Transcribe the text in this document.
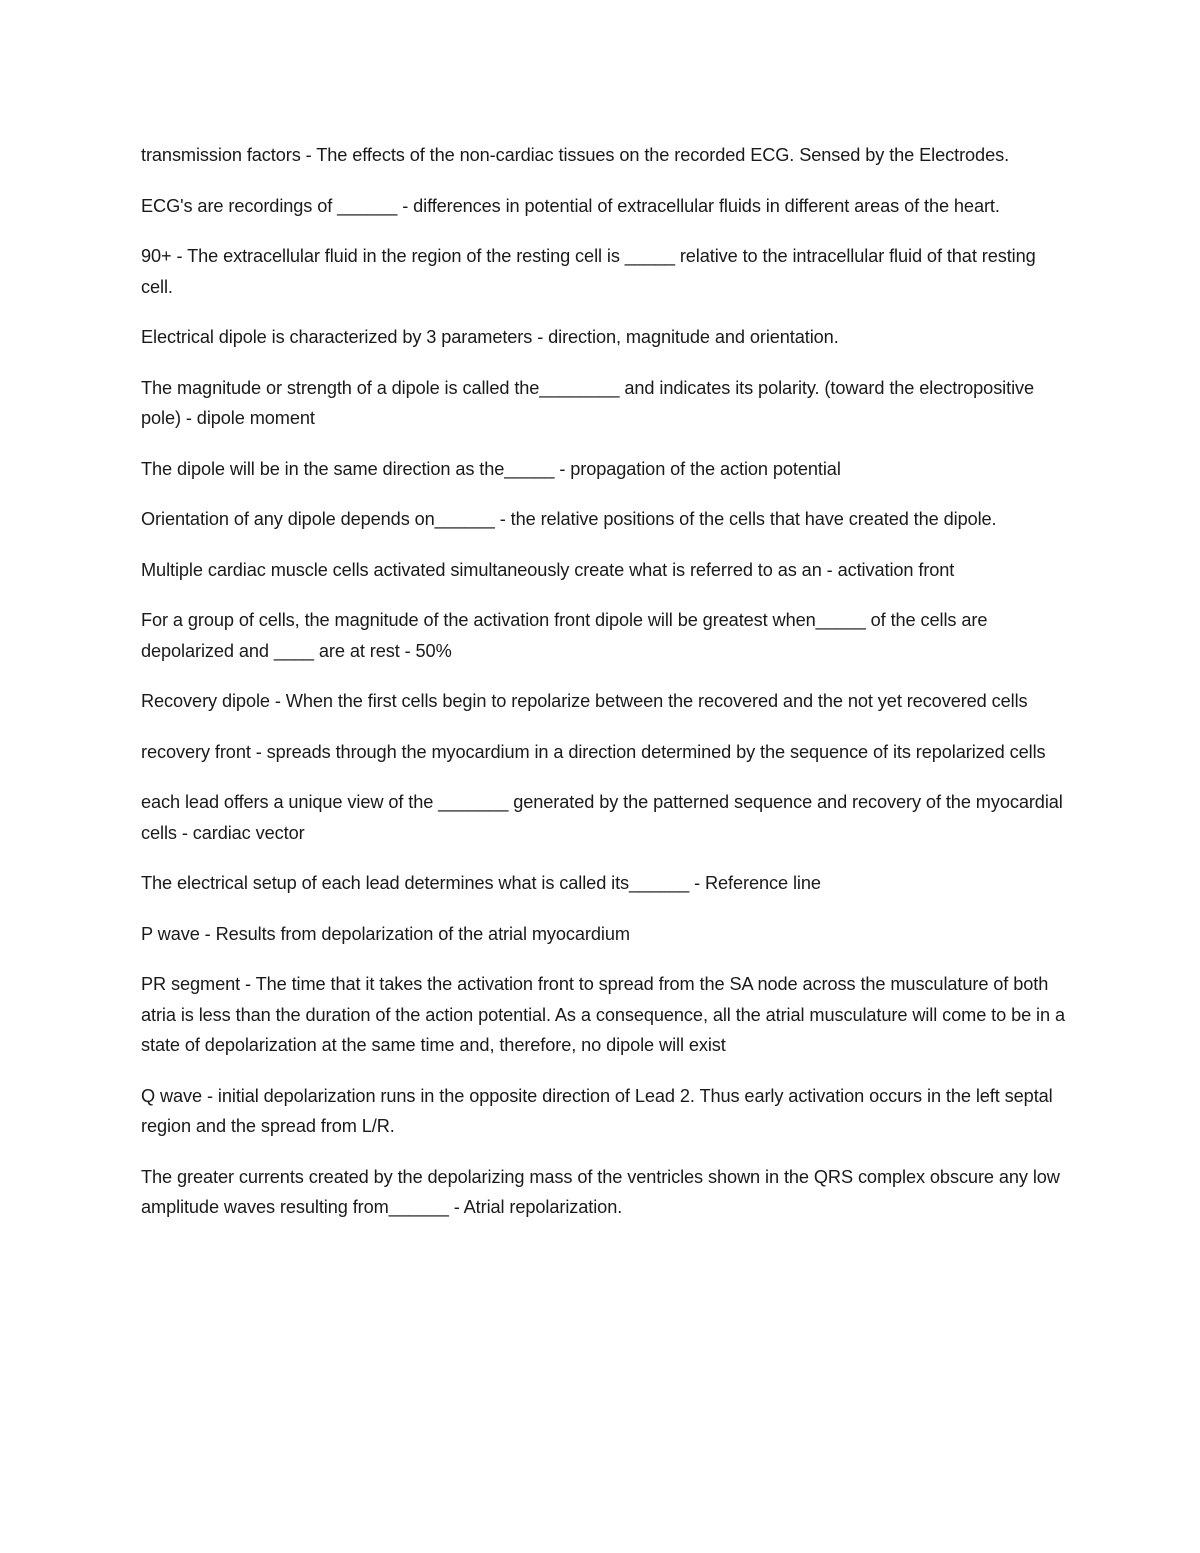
transmission factors - The effects of the non-cardiac tissues on the recorded ECG. Sensed by the Electrodes.

ECG's are recordings of ______ - differences in potential of extracellular fluids in different areas of the heart.

90+ - The extracellular fluid in the region of the resting cell is _____ relative to the intracellular fluid of that resting cell.

Electrical dipole is characterized by 3 parameters - direction, magnitude and orientation.

The magnitude or strength of a dipole is called the________ and indicates its polarity. (toward the electropositive pole) - dipole moment

The dipole will be in the same direction as the_____ - propagation of the action potential

Orientation of any dipole depends on______ - the relative positions of the cells that have created the dipole.

Multiple cardiac muscle cells activated simultaneously create what is referred to as an - activation front

For a group of cells, the magnitude of the activation front dipole will be greatest when_____ of the cells are depolarized and ____ are at rest - 50%

Recovery dipole - When the first cells begin to repolarize between the recovered and the not yet recovered cells

recovery front - spreads through the myocardium in a direction determined by the sequence of its repolarized cells

each lead offers a unique view of the _______ generated by the patterned sequence and recovery of the myocardial cells - cardiac vector

The electrical setup of each lead determines what is called its______ - Reference line

P wave - Results from depolarization of the atrial myocardium

PR segment - The time that it takes the activation front to spread from the SA node across the musculature of both atria is less than the duration of the action potential. As a consequence, all the atrial musculature will come to be in a state of depolarization at the same time and, therefore, no dipole will exist

Q wave - initial depolarization runs in the opposite direction of Lead 2. Thus early activation occurs in the left septal region and the spread from L/R.

The greater currents created by the depolarizing mass of the ventricles shown in the QRS complex obscure any low amplitude waves resulting from______ - Atrial repolarization.
